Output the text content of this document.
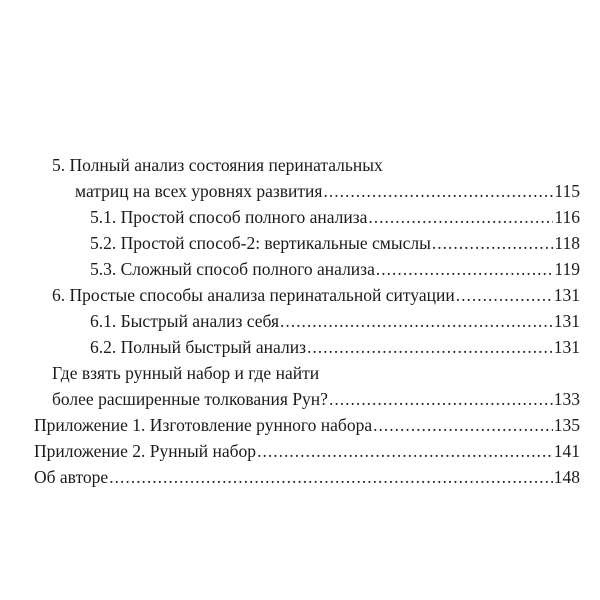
5. Полный анализ состояния перинатальных
матриц на всех уровнях развития .....	115
5.1. Простой способ полного анализа .....	116
5.2. Простой способ-2: вертикальные смыслы .....	118
5.3. Сложный способ полного анализа .....	119
6. Простые способы анализа перинатальной ситуации .....	131
6.1. Быстрый анализ себя .....	131
6.2. Полный быстрый анализ .....	131
Где взять рунный набор и где найти
более расширенные толкования Рун? .....	133
Приложение 1. Изготовление рунного набора .....	135
Приложение 2. Рунный набор .....	141
Об авторе .....	148
